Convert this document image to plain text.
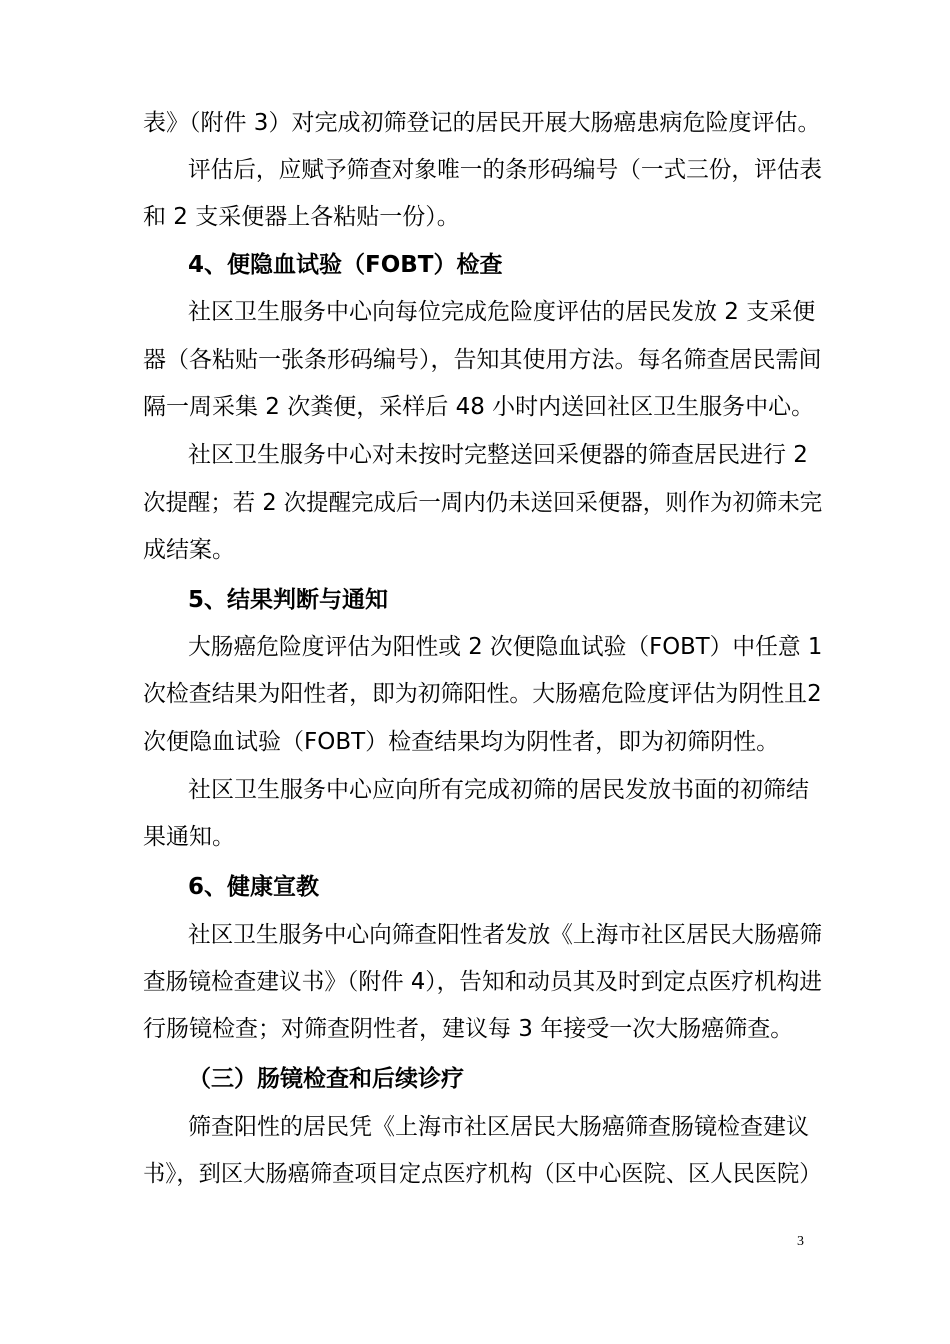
表》（附件 3）对完成初筛登记的居民开展大肠癌患病危险度评估。
评估后，应赋予筛查对象唯一的条形码编号（一式三份，评估表
和 2 支采便器上各粘贴一份）。
4、便隐血试验（FOBT）检查
社区卫生服务中心向每位完成危险度评估的居民发放 2 支采便
器（各粘贴一张条形码编号），告知其使用方法。每名筛查居民需间
隔一周采集 2 次粪便，采样后 48 小时内送回社区卫生服务中心。
社区卫生服务中心对未按时完整送回采便器的筛查居民进行 2
次提醒；若 2 次提醒完成后一周内仍未送回采便器，则作为初筛未完
成结案。
5、结果判断与通知
大肠癌危险度评估为阳性或 2 次便隐血试验（FOBT）中任意 1
次检查结果为阳性者，即为初筛阳性。大肠癌危险度评估为阴性且2
次便隐血试验（FOBT）检查结果均为阴性者，即为初筛阴性。
社区卫生服务中心应向所有完成初筛的居民发放书面的初筛结
果通知。
6、健康宣教
社区卫生服务中心向筛查阳性者发放《上海市社区居民大肠癌筛
查肠镜检查建议书》（附件 4），告知和动员其及时到定点医疗机构进
行肠镜检查；对筛查阴性者，建议每 3 年接受一次大肠癌筛查。
（三）肠镜检查和后续诊疗
筛查阳性的居民凭《上海市社区居民大肠癌筛查肠镜检查建议
书》，到区大肠癌筛查项目定点医疗机构（区中心医院、区人民医院）
3
